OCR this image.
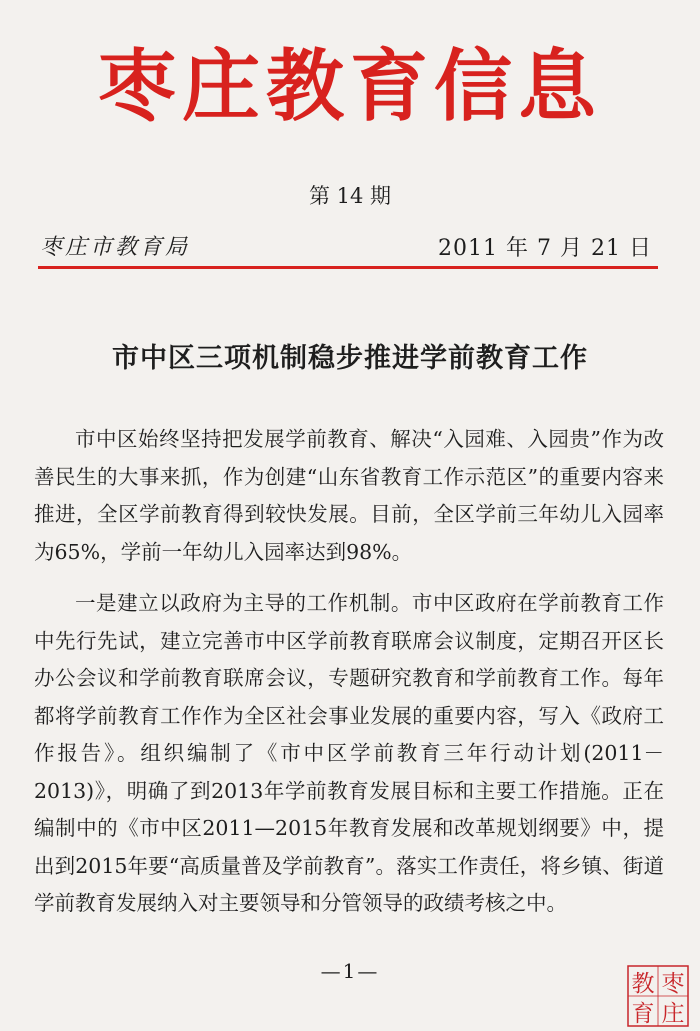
枣庄教育信息
第 14 期
枣庄市教育局	2011 年 7 月 21 日
市中区三项机制稳步推进学前教育工作

市中区始终坚持把发展学前教育、解决“入园难、入园贵”作为改善民生的大事来抓，作为创建“山东省教育工作示范区”的重要内容来推进，全区学前教育得到较快发展。目前，全区学前三年幼儿入园率为65%，学前一年幼儿入园率达到98%。

一是建立以政府为主导的工作机制。市中区政府在学前教育工作中先行先试，建立完善市中区学前教育联席会议制度，定期召开区长办公会议和学前教育联席会议，专题研究教育和学前教育工作。每年都将学前教育工作作为全区社会事业发展的重要内容，写入《政府工作报告》。组织编制了《市中区学前教育三年行动计划(2011－2013)》，明确了到2013年学前教育发展目标和主要工作措施。正在编制中的《市中区2011—2015年教育发展和改革规划纲要》中，提出到2015年要“高质量普及学前教育”。落实工作责任，将乡镇、街道学前教育发展纳入对主要领导和分管领导的政绩考核之中。

—1—	枣
庄
教
育
